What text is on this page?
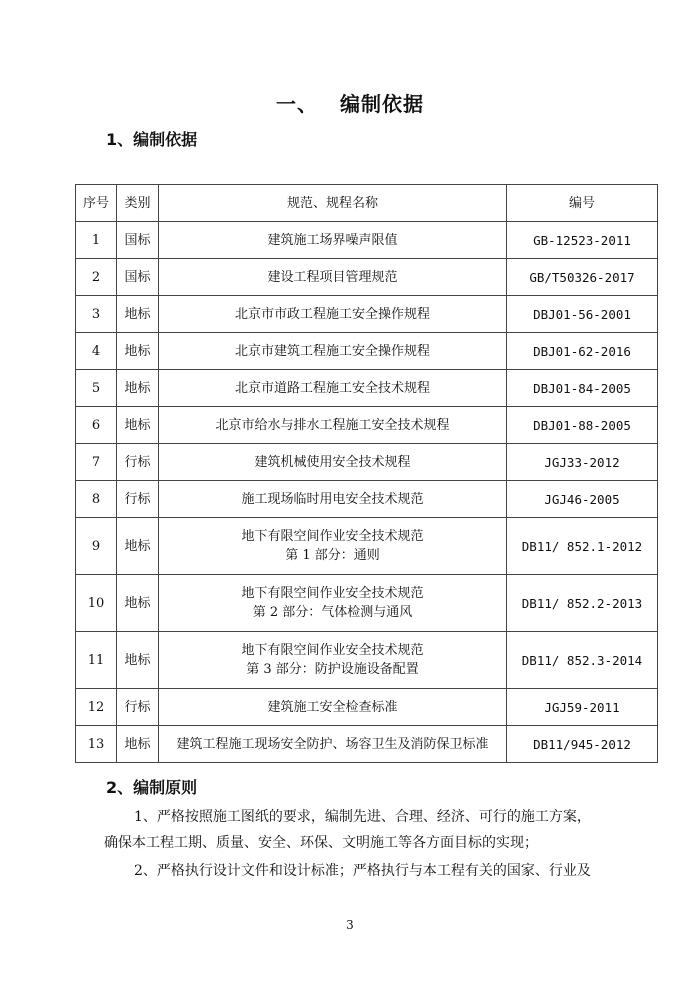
一、 编制依据
1、编制依据
序号	类别	规范、规程名称	编号
1	国标	建筑施工场界噪声限值	GB-12523-2011
2	国标	建设工程项目管理规范	GB/T50326-2017
3	地标	北京市市政工程施工安全操作规程	DBJ01-56-2001
4	地标	北京市建筑工程施工安全操作规程	DBJ01-62-2016
5	地标	北京市道路工程施工安全技术规程	DBJ01-84-2005
6	地标	北京市给水与排水工程施工安全技术规程	DBJ01-88-2005
7	行标	建筑机械使用安全技术规程	JGJ33-2012
8	行标	施工现场临时用电安全技术规范	JGJ46-2005
9	地标	地下有限空间作业安全技术规范
第 1 部分：通则	DB11/ 852.1-2012
10	地标	地下有限空间作业安全技术规范
第 2 部分：气体检测与通风	DB11/ 852.2-2013
11	地标	地下有限空间作业安全技术规范
第 3 部分：防护设施设备配置	DB11/ 852.3-2014
12	行标	建筑施工安全检查标准	JGJ59-2011
13	地标	建筑工程施工现场安全防护、场容卫生及消防保卫标准	DB11/945-2012
2、编制原则
1、严格按照施工图纸的要求，编制先进、合理、经济、可行的施工方案，
确保本工程工期、质量、安全、环保、文明施工等各方面目标的实现；
2、严格执行设计文件和设计标准；严格执行与本工程有关的国家、行业及
3
